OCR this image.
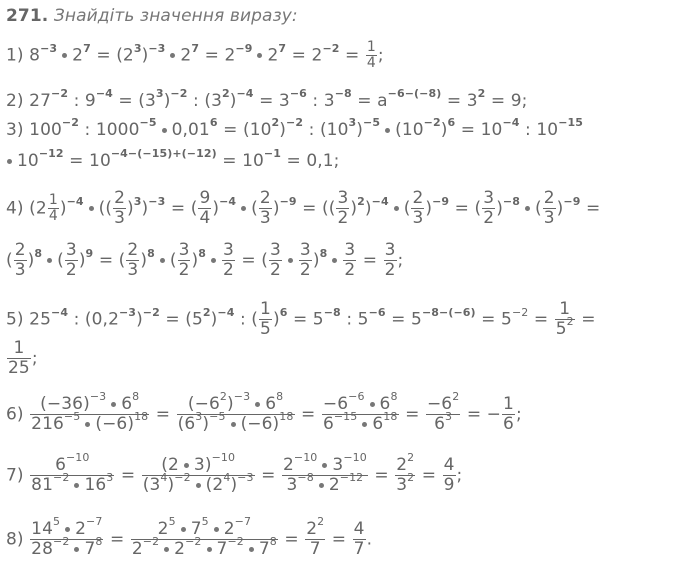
271. Знайдіть значення виразу:
1) $8^{-3}$ $2^7 = (2^3)^{-3}$ $2^7 = 2^{-9}$ $2^7 = 2^{-2} = \frac{1}{4}$ ;
2) $27^{-2}$ : $9^{-4} = (3^3)^{-2}$ : $(3^2)^{-4} = 3^{-6}$ : $3^{-8} = a^{-6-(-8)} = 3^2 = 9$;
3) $100^{-2}$ : $1000^{-5}$ $0,01^6 = (10^2)^{-2}$ : $(10^3)^{-5}$ $(10^{-2})^6 = 10^{-4}$ : $10^{-15}$
$10^{-12} = 10^{-4-(-15)+(-12)} = 10^{-1} = 0,1$;
4) $(2 \frac{1}{4} )^{-4}$ (( $\frac{2}{3} )^3)^{-3}$ = ( $\frac{9}{4} )^{-4}$ ( $\frac{2}{3} )^{-9}$ = (( $\frac{3}{2} )^2)^{-4}$ ( $\frac{2}{3} )^{-9}$ = ( $\frac{3}{2} )^{-8}$ ( $\frac{2}{3} )^{-9}$ =
( $\frac{2}{3} )^8$ ( $\frac{3}{2} )^9$ = ( $\frac{2}{3} )^8$ ( $\frac{3}{2} )^8 \frac{3}{2}$ = ( $\frac{3}{2} \frac{3}{2} )^8 \frac{3}{2} = \frac{3}{2}$ ;
5) $25^{-4}$ : $(0,2^{-3})^{-2} = (5^2)^{-4}$ : ( $\frac{1}{5} )^6 = 5^{-8}$ : $5^{-6} = 5^{-8-(-6)} = 5^{-2} = \frac{1}{5^2}$ =
$\frac{1}{25}$ ;
$6) \frac{(-36)^{-3} 6^8}{216^{-5} (-6)^{18}} = \frac{(-6^2)^{-3} 6^8}{(6^3)^{-5} (-6)^{18}} = \frac{-6^{-6} 6^8}{6^{-15} 6^{18}} = \frac{-6^2}{6^3}$ = − $\frac{1}{6}$ ;
$7) \frac{6^{-10}}{81^{-2} 16^3} = \frac{(2 3)^{-10}}{(3^4)^{-2} (2^4)^{-3}} = \frac{2^{-10} 3^{-10}}{3^{-8} 2^{-12}} = \frac{2^2}{3^2} = \frac{4}{9}$ ;
$8) \frac{14^5 2^{-7}}{28^{-2} 7^8} = \frac{2^5 7^5 2^{-7}}{2^{-2} 2^{-2} 7^{-2} 7^8} = \frac{2^2}{7} = \frac{4}{7}$ .
